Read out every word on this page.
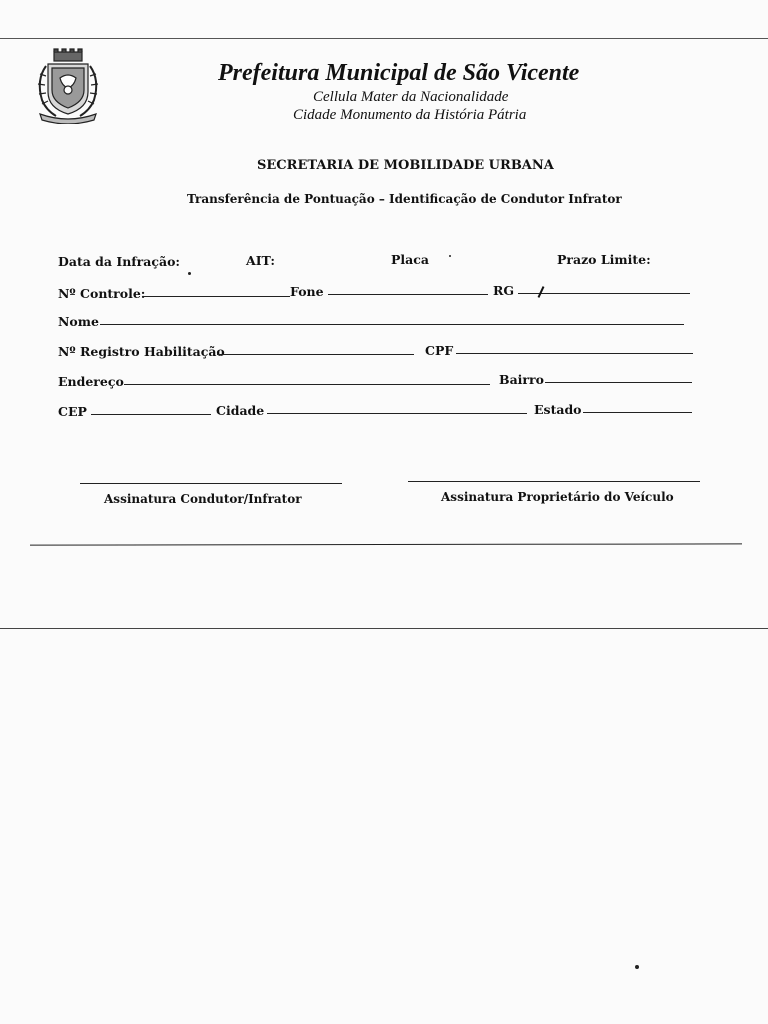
Prefeitura Municipal de São Vicente
Cellula Mater da Nacionalidade
Cidade Monumento da História Pátria
SECRETARIA DE MOBILIDADE URBANA
Transferência de Pontuação – Identificação de Condutor Infrator
Data da Infração:	AIT:	Placa	Prazo Limite:
Nº Controle:	Fone	RG
Nome
Nº Registro Habilitação	CPF
Endereço	Bairro
CEP	Cidade	Estado
Assinatura Condutor/Infrator	Assinatura Proprietário do Veículo
